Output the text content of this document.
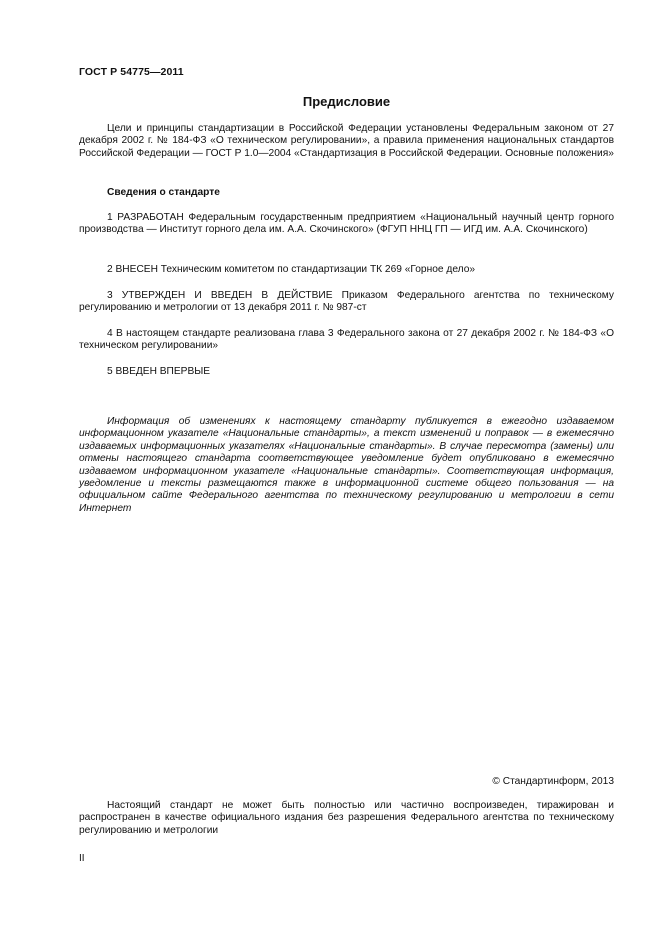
ГОСТ Р 54775—2011
Предисловие

Цели и принципы стандартизации в Российской Федерации установлены Федеральным законом от 27 декабря 2002 г. № 184-ФЗ «О техническом регулировании», а правила применения национальных стандартов Российской Федерации — ГОСТ Р 1.0—2004 «Стандартизация в Российской Федерации. Основные положения»

Сведения о стандарте

1 РАЗРАБОТАН Федеральным государственным предприятием «Национальный научный центр горного производства — Институт горного дела им. А.А. Скочинского» (ФГУП ННЦ ГП — ИГД им. А.А. Скочинского)

2 ВНЕСЕН Техническим комитетом по стандартизации ТК 269 «Горное дело»

3 УТВЕРЖДЕН И ВВЕДЕН В ДЕЙСТВИЕ Приказом Федерального агентства по техническому регулированию и метрологии от 13 декабря 2011 г. № 987-ст

4 В настоящем стандарте реализована глава 3 Федерального закона от 27 декабря 2002 г. № 184-ФЗ «О техническом регулировании»

5 ВВЕДЕН ВПЕРВЫЕ

Информация об изменениях к настоящему стандарту публикуется в ежегодно издаваемом информационном указателе «Национальные стандарты», а текст изменений и поправок — в ежемесячно издаваемых информационных указателях «Национальные стандарты». В случае пересмотра (замены) или отмены настоящего стандарта соответствующее уведомление будет опубликовано в ежемесячно издаваемом информационном указателе «Национальные стандарты». Соответствующая информация, уведомление и тексты размещаются также в информационной системе общего пользования — на официальном сайте Федерального агентства по техническому регулированию и метрологии в сети Интернет

© Стандартинформ, 2013

Настоящий стандарт не может быть полностью или частично воспроизведен, тиражирован и распространен в качестве официального издания без разрешения Федерального агентства по техническому регулированию и метрологии

II
